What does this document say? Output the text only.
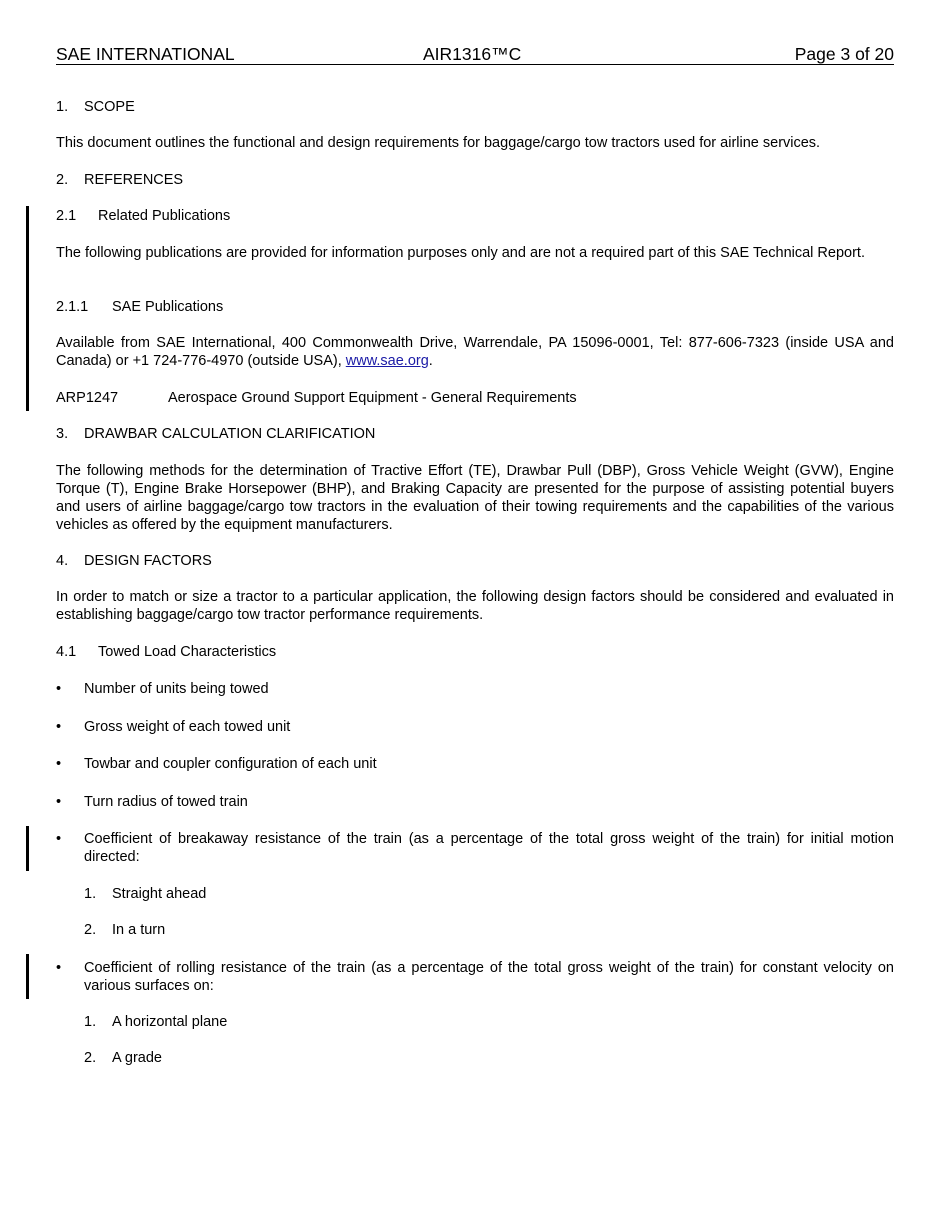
SAE INTERNATIONAL	AIR1316™C	Page 3 of 20
1. SCOPE
This document outlines the functional and design requirements for baggage/cargo tow tractors used for airline services.
2. REFERENCES
2.1 Related Publications
The following publications are provided for information purposes only and are not a required part of this SAE Technical Report.
2.1.1 SAE Publications
Available from SAE International, 400 Commonwealth Drive, Warrendale, PA 15096-0001, Tel: 877-606-7323 (inside USA and Canada) or +1 724-776-4970 (outside USA), www.sae.org.
ARP1247	Aerospace Ground Support Equipment - General Requirements
3. DRAWBAR CALCULATION CLARIFICATION
The following methods for the determination of Tractive Effort (TE), Drawbar Pull (DBP), Gross Vehicle Weight (GVW), Engine Torque (T), Engine Brake Horsepower (BHP), and Braking Capacity are presented for the purpose of assisting potential buyers and users of airline baggage/cargo tow tractors in the evaluation of their towing requirements and the capabilities of the various vehicles as offered by the equipment manufacturers.
4. DESIGN FACTORS
In order to match or size a tractor to a particular application, the following design factors should be considered and evaluated in establishing baggage/cargo tow tractor performance requirements.
4.1 Towed Load Characteristics
• Number of units being towed
• Gross weight of each towed unit
• Towbar and coupler configuration of each unit
• Turn radius of towed train
• Coefficient of breakaway resistance of the train (as a percentage of the total gross weight of the train) for initial motion directed:
1. Straight ahead
2. In a turn
• Coefficient of rolling resistance of the train (as a percentage of the total gross weight of the train) for constant velocity on various surfaces on:
1. A horizontal plane
2. A grade
